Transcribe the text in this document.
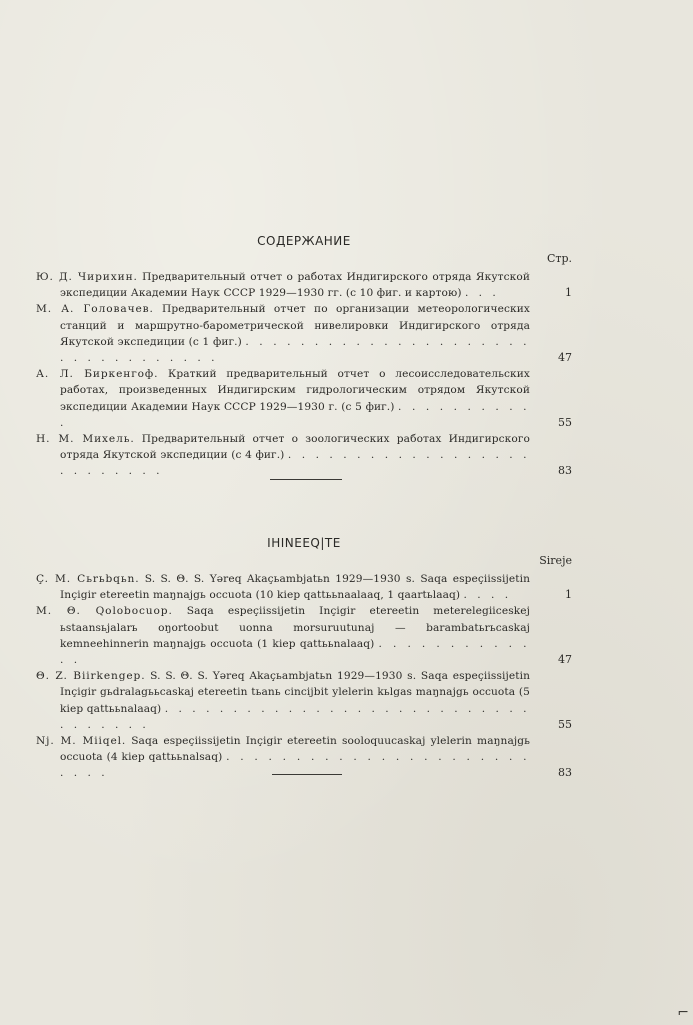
СОДЕРЖАНИЕ
Стр.
Ю. Д. Чирихин. Предварительный отчет о работах Индигирского отряда Якутской экспедиции Академии Наук СССР 1929—1930 гг. (с 10 фиг. и картою) . . .	1
М. А. Головачев. Предварительный отчет по организации метеорологических станций и маршрутно-барометрической нивелировки Индигирского отряда Якутской экспедиции (с 1 фиг.) . . . . . . . . . . . . . . . . . . . . . . . . . . . . . . . . .	47
А. Л. Биркенгоф. Краткий предварительный отчет о лесоисследовательских работах, произведенных Индигирским гидрологическим отрядом Якутской экспедиции Академии Наук СССР 1929—1930 г. (с 5 фиг.) . . . . . . . . . . .	55
Н. М. Михель. Предварительный отчет о зоологических работах Индигирского отряда Якутской экспедиции (с 4 фиг.) . . . . . . . . . . . . . . . . . . . . . . . . . .	83
IHINEEQ|TE
Sireje
Ç. M. Сьrьbqьn. S. S. Θ. S. Yəreq Akaçьambjatьn 1929—1930 s. Saqa espeçiissijetin Inçigir etereetin maŋnajgь occuota (10 kiep qattььnaalaaq, 1 qaartьlaaq) . . . .	1
M. Θ. Qolobocuop. Saqa espeçiissijetin Inçigir etereetin meterelegiiceskej ьstaansьjalarь oŋortoobut uonna morsuruutunaj — barambatьrьcaskaj kemneehinnerin maŋnajgь occuota (1 kiep qattььnalaaq) . . . . . . . . . . . . .	47
Θ. Z. Biirkengep. S. S. Θ. S. Yəreq Akaçьambjatьn 1929—1930 s. Saqa espeçiissijetin Inçigir gьdralagььcaskaj etereetin tьanь cincijbit ylelerin kьlgas maŋnajgь occuota (5 kiep qattььnalaaq) . . . . . . . . . . . . . . . . . . . . . . . . . . . . . . . . . .	55
Nj. M. Miiqel. Saqa espeçiissijetin Inçigir etereetin sooloquucaskaj ylelerin maŋnajgь occuota (4 kiep qattььnalsaq) . . . . . . . . . . . . . . . . . . . . . . . . . .	83
⌐
